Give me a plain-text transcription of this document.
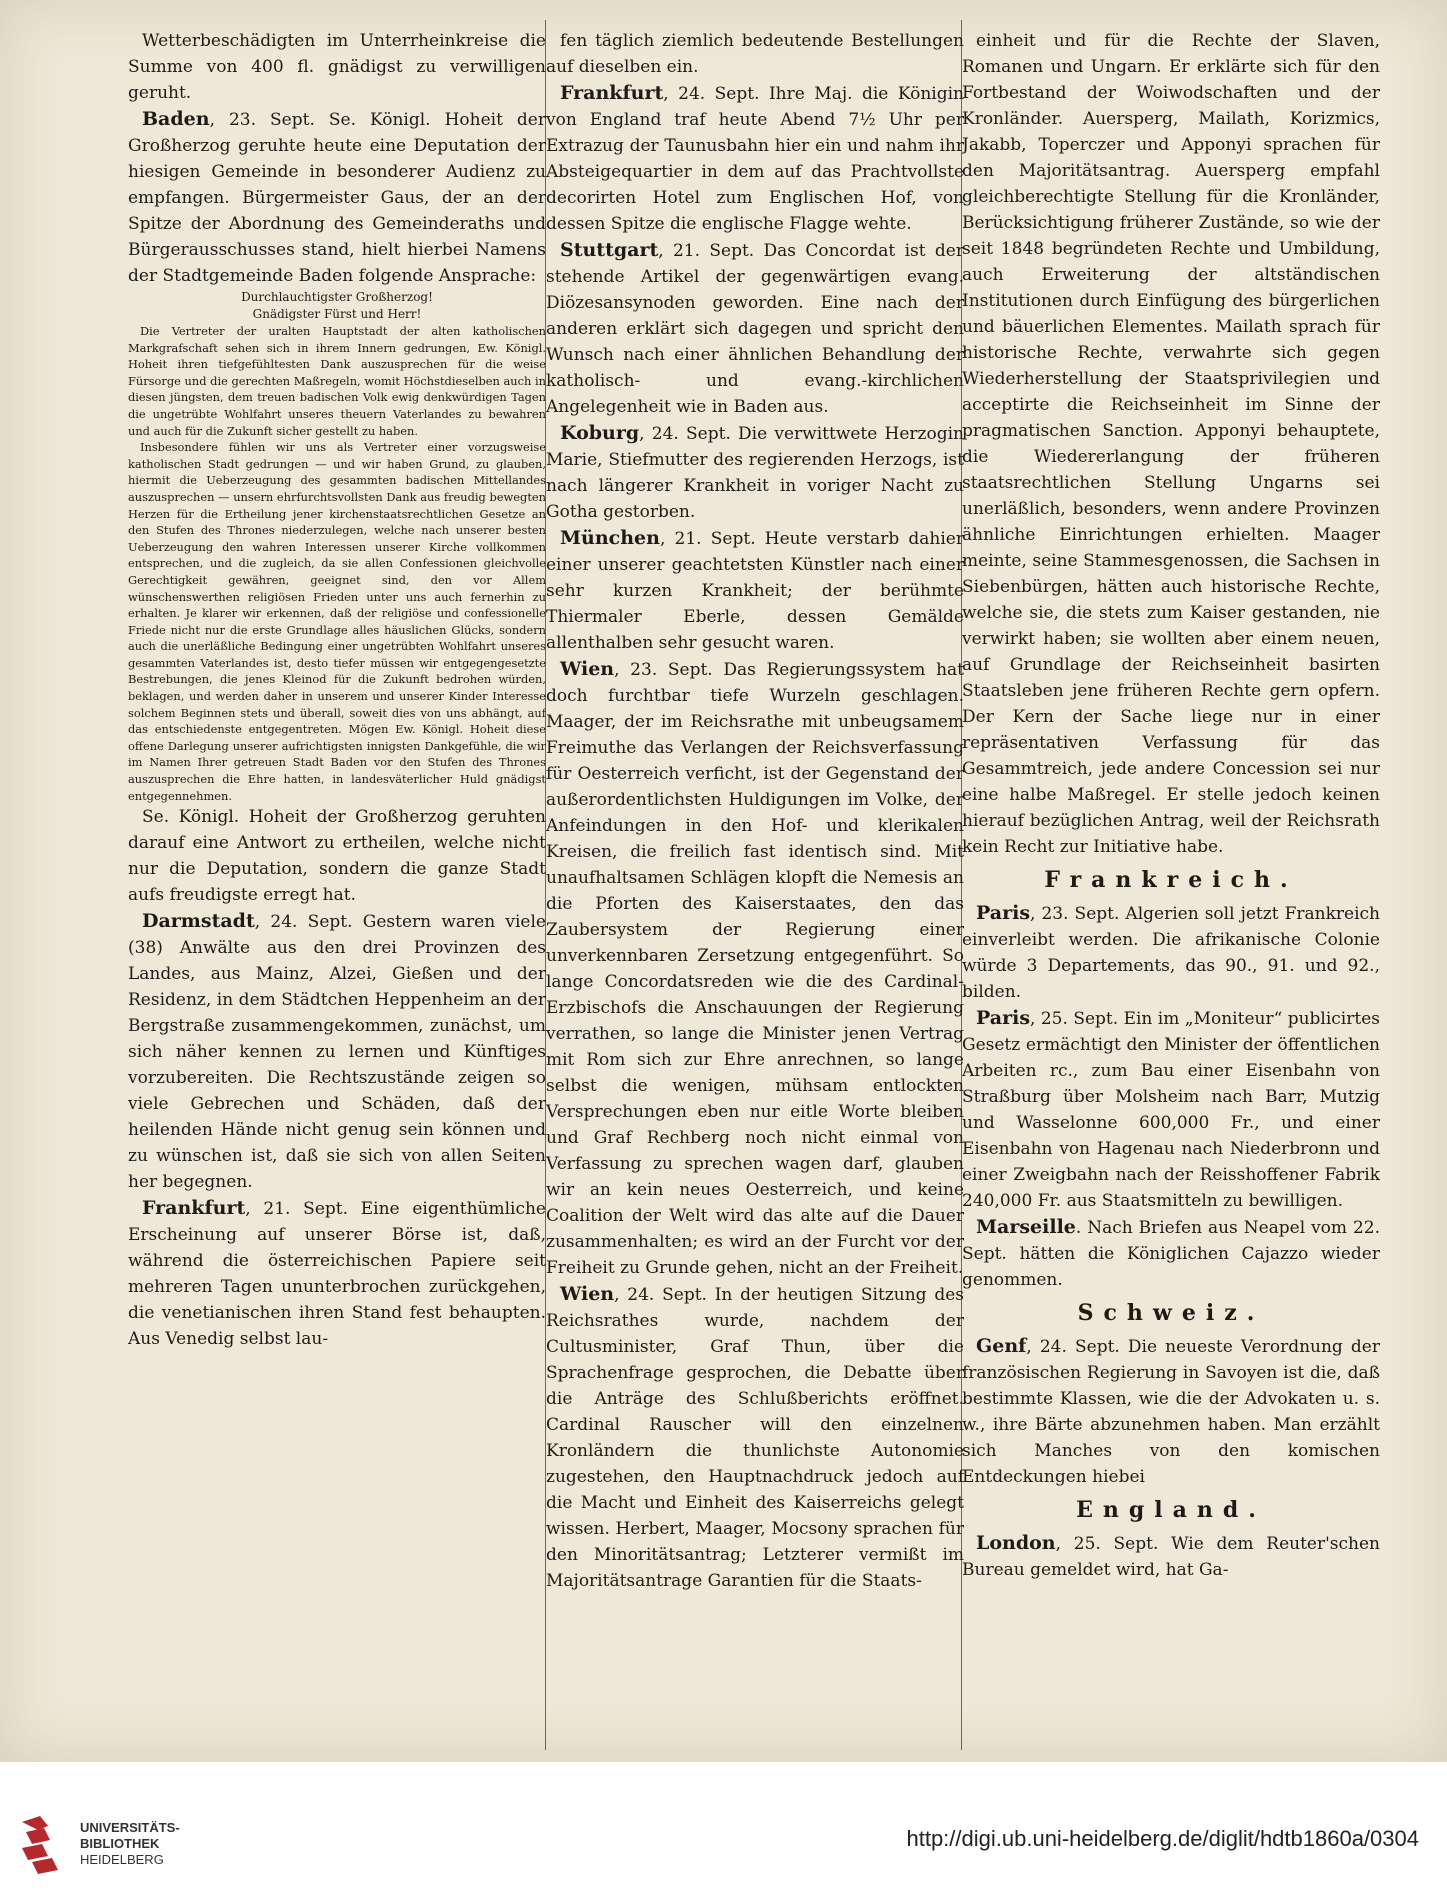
Wetterbeschädigten im Unterrheinkreise die Summe von 400 fl. gnädigst zu verwilligen geruht.

Baden, 23. Sept. Se. Königl. Hoheit der Großherzog geruhte heute eine Deputation der hiesigen Gemeinde in besonderer Audienz zu empfangen. Bürgermeister Gaus, der an der Spitze der Abordnung des Gemeinderaths und Bürgerausschusses stand, hielt hierbei Namens der Stadtgemeinde Baden folgende Ansprache:

Durchlauchtigster Großherzog!

Gnädigster Fürst und Herr!

Die Vertreter der uralten Hauptstadt der alten katholischen Markgrafschaft sehen sich in ihrem Innern gedrungen, Ew. Königl. Hoheit ihren tiefgefühltesten Dank auszusprechen für die weise Fürsorge und die gerechten Maßregeln, womit Höchstdieselben auch in diesen jüngsten, dem treuen badischen Volk ewig denkwürdigen Tagen die ungetrübte Wohlfahrt unseres theuern Vaterlandes zu bewahren und auch für die Zukunft sicher gestellt zu haben.

Insbesondere fühlen wir uns als Vertreter einer vorzugsweise katholischen Stadt gedrungen — und wir haben Grund, zu glauben, hiermit die Ueberzeugung des gesammten badischen Mittellandes auszusprechen — unsern ehrfurchtsvollsten Dank aus freudig bewegten Herzen für die Ertheilung jener kirchenstaatsrechtlichen Gesetze an den Stufen des Thrones niederzulegen, welche nach unserer besten Ueberzeugung den wahren Interessen unserer Kirche vollkommen entsprechen, und die zugleich, da sie allen Confessionen gleichvolle Gerechtigkeit gewähren, geeignet sind, den vor Allem wünschenswerthen religiösen Frieden unter uns auch fernerhin zu erhalten. Je klarer wir erkennen, daß der religiöse und confessionelle Friede nicht nur die erste Grundlage alles häuslichen Glücks, sondern auch die unerläßliche Bedingung einer ungetrübten Wohlfahrt unseres gesammten Vaterlandes ist, desto tiefer müssen wir entgegengesetzte Bestrebungen, die jenes Kleinod für die Zukunft bedrohen würden, beklagen, und werden daher in unserem und unserer Kinder Interesse solchem Beginnen stets und überall, soweit dies von uns abhängt, auf das entschiedenste entgegentreten. Mögen Ew. Königl. Hoheit diese offene Darlegung unserer aufrichtigsten innigsten Dankgefühle, die wir im Namen Ihrer getreuen Stadt Baden vor den Stufen des Thrones auszusprechen die Ehre hatten, in landesväterlicher Huld gnädigst entgegennehmen.

Se. Königl. Hoheit der Großherzog geruhten darauf eine Antwort zu ertheilen, welche nicht nur die Deputation, sondern die ganze Stadt aufs freudigste erregt hat.

Darmstadt, 24. Sept. Gestern waren viele (38) Anwälte aus den drei Provinzen des Landes, aus Mainz, Alzei, Gießen und der Residenz, in dem Städtchen Heppenheim an der Bergstraße zusammengekommen, zunächst, um sich näher kennen zu lernen und Künftiges vorzubereiten. Die Rechtszustände zeigen so viele Gebrechen und Schäden, daß der heilenden Hände nicht genug sein können und zu wünschen ist, daß sie sich von allen Seiten her begegnen.

Frankfurt, 21. Sept. Eine eigenthümliche Erscheinung auf unserer Börse ist, daß, während die österreichischen Papiere seit mehreren Tagen ununterbrochen zurückgehen, die venetianischen ihren Stand fest behaupten. Aus Venedig selbst lau-

fen täglich ziemlich bedeutende Bestellungen auf dieselben ein.

Frankfurt, 24. Sept. Ihre Maj. die Königin von England traf heute Abend 7½ Uhr per Extrazug der Taunusbahn hier ein und nahm ihr Absteigequartier in dem auf das Prachtvollste decorirten Hotel zum Englischen Hof, von dessen Spitze die englische Flagge wehte.

Stuttgart, 21. Sept. Das Concordat ist der stehende Artikel der gegenwärtigen evang. Diözesansynoden geworden. Eine nach der anderen erklärt sich dagegen und spricht den Wunsch nach einer ähnlichen Behandlung der katholisch- und evang.-kirchlichen Angelegenheit wie in Baden aus.

Koburg, 24. Sept. Die verwittwete Herzogin Marie, Stiefmutter des regierenden Herzogs, ist nach längerer Krankheit in voriger Nacht zu Gotha gestorben.

München, 21. Sept. Heute verstarb dahier einer unserer geachtetsten Künstler nach einer sehr kurzen Krankheit; der berühmte Thiermaler Eberle, dessen Gemälde allenthalben sehr gesucht waren.

Wien, 23. Sept. Das Regierungssystem hat doch furchtbar tiefe Wurzeln geschlagen. Maager, der im Reichsrathe mit unbeugsamem Freimuthe das Verlangen der Reichsverfassung für Oesterreich verficht, ist der Gegenstand der außerordentlichsten Huldigungen im Volke, der Anfeindungen in den Hof- und klerikalen Kreisen, die freilich fast identisch sind. Mit unaufhaltsamen Schlägen klopft die Nemesis an die Pforten des Kaiserstaates, den das Zaubersystem der Regierung einer unverkennbaren Zersetzung entgegenführt. So lange Concordatsreden wie die des Cardinal-Erzbischofs die Anschauungen der Regierung verrathen, so lange die Minister jenen Vertrag mit Rom sich zur Ehre anrechnen, so lange selbst die wenigen, mühsam entlockten Versprechungen eben nur eitle Worte bleiben und Graf Rechberg noch nicht einmal von Verfassung zu sprechen wagen darf, glauben wir an kein neues Oesterreich, und keine Coalition der Welt wird das alte auf die Dauer zusammenhalten; es wird an der Furcht vor der Freiheit zu Grunde gehen, nicht an der Freiheit.

Wien, 24. Sept. In der heutigen Sitzung des Reichsrathes wurde, nachdem der Cultusminister, Graf Thun, über die Sprachenfrage gesprochen, die Debatte über die Anträge des Schlußberichts eröffnet. Cardinal Rauscher will den einzelnen Kronländern die thunlichste Autonomie zugestehen, den Hauptnachdruck jedoch auf die Macht und Einheit des Kaiserreichs gelegt wissen. Herbert, Maager, Mocsony sprachen für den Minoritätsantrag; Letzterer vermißt im Majoritätsantrage Garantien für die Staats-

einheit und für die Rechte der Slaven, Romanen und Ungarn. Er erklärte sich für den Fortbestand der Woiwodschaften und der Kronländer. Auersperg, Mailath, Korizmics, Jakabb, Toperczer und Apponyi sprachen für den Majoritätsantrag. Auersperg empfahl gleichberechtigte Stellung für die Kronländer, Berücksichtigung früherer Zustände, so wie der seit 1848 begründeten Rechte und Umbildung, auch Erweiterung der altständischen Institutionen durch Einfügung des bürgerlichen und bäuerlichen Elementes. Mailath sprach für historische Rechte, verwahrte sich gegen Wiederherstellung der Staatsprivilegien und acceptirte die Reichseinheit im Sinne der pragmatischen Sanction. Apponyi behauptete, die Wiedererlangung der früheren staatsrechtlichen Stellung Ungarns sei unerläßlich, besonders, wenn andere Provinzen ähnliche Einrichtungen erhielten. Maager meinte, seine Stammesgenossen, die Sachsen in Siebenbürgen, hätten auch historische Rechte, welche sie, die stets zum Kaiser gestanden, nie verwirkt haben; sie wollten aber einem neuen, auf Grundlage der Reichseinheit basirten Staatsleben jene früheren Rechte gern opfern. Der Kern der Sache liege nur in einer repräsentativen Verfassung für das Gesammtreich, jede andere Concession sei nur eine halbe Maßregel. Er stelle jedoch keinen hierauf bezüglichen Antrag, weil der Reichsrath kein Recht zur Initiative habe.

Frankreich.

Paris, 23. Sept. Algerien soll jetzt Frankreich einverleibt werden. Die afrikanische Colonie würde 3 Departements, das 90., 91. und 92., bilden.

Paris, 25. Sept. Ein im „Moniteur“ publicirtes Gesetz ermächtigt den Minister der öffentlichen Arbeiten rc., zum Bau einer Eisenbahn von Straßburg über Molsheim nach Barr, Mutzig und Wasselonne 600,000 Fr., und einer Eisenbahn von Hagenau nach Niederbronn und einer Zweigbahn nach der Reisshoffener Fabrik 240,000 Fr. aus Staatsmitteln zu bewilligen.

Marseille. Nach Briefen aus Neapel vom 22. Sept. hätten die Königlichen Cajazzo wieder genommen.

Schweiz.

Genf, 24. Sept. Die neueste Verordnung der französischen Regierung in Savoyen ist die, daß bestimmte Klassen, wie die der Advokaten u. s. w., ihre Bärte abzunehmen haben. Man erzählt sich Manches von den komischen Entdeckungen hiebei

England.

London, 25. Sept. Wie dem Reuter'schen Bureau gemeldet wird, hat Ga-

UNIVERSITÄTS-
BIBLIOTHEK
HEIDELBERG
http://digi.ub.uni-heidelberg.de/diglit/hdtb1860a/0304
